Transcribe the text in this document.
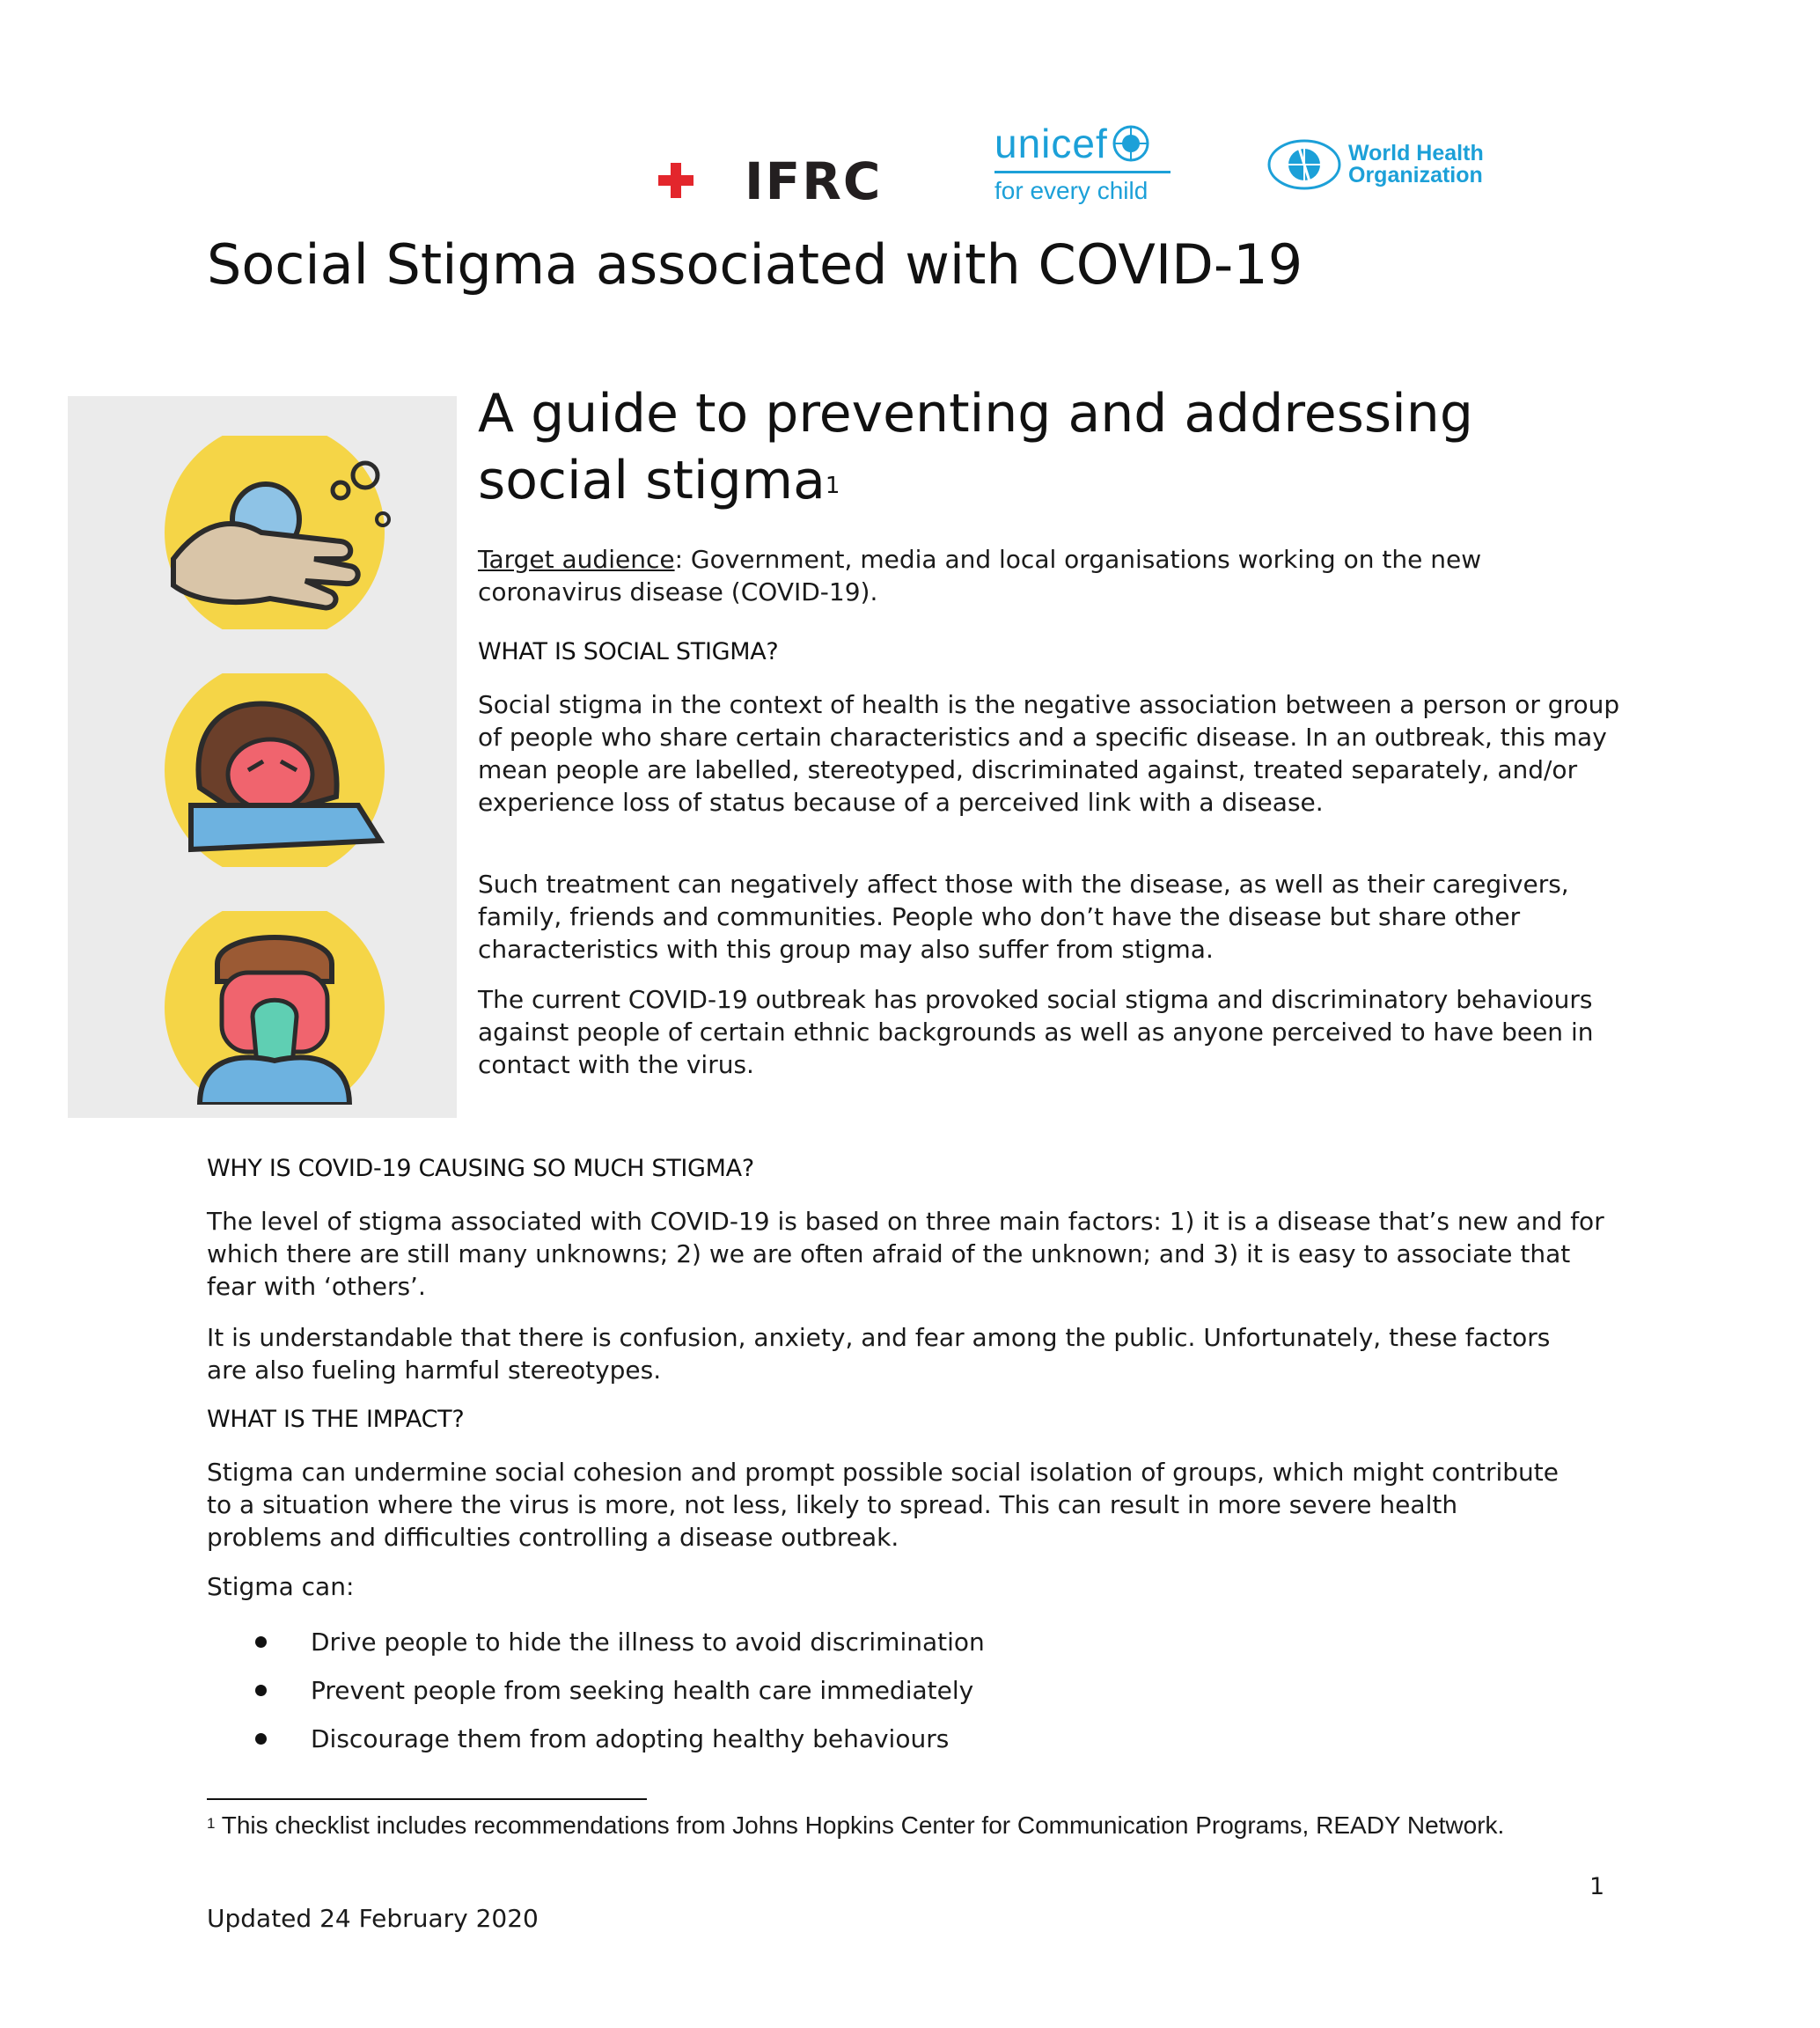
IFRC
unicef
for every child
World Health
Organization
Social Stigma associated with COVID-19
A guide to preventing and addressing social stigma$^1$
Target audience: Government, media and local organisations working on the new coronavirus disease (COVID-19).
WHAT IS SOCIAL STIGMA?
Social stigma in the context of health is the negative association between a person or group of people who share certain characteristics and a specific disease. In an outbreak, this may mean people are labelled, stereotyped, discriminated against, treated separately, and/or experience loss of status because of a perceived link with a disease.
Such treatment can negatively affect those with the disease, as well as their caregivers, family, friends and communities. People who don’t have the disease but share other characteristics with this group may also suffer from stigma.
The current COVID-19 outbreak has provoked social stigma and discriminatory behaviours against people of certain ethnic backgrounds as well as anyone perceived to have been in contact with the virus.
WHY IS COVID-19 CAUSING SO MUCH STIGMA?
The level of stigma associated with COVID-19 is based on three main factors: 1) it is a disease that’s new and for which there are still many unknowns; 2) we are often afraid of the unknown; and 3) it is easy to associate that fear with ‘others’.
It is understandable that there is confusion, anxiety, and fear among the public. Unfortunately, these factors are also fueling harmful stereotypes.
WHAT IS THE IMPACT?
Stigma can undermine social cohesion and prompt possible social isolation of groups, which might contribute to a situation where the virus is more, not less, likely to spread. This can result in more severe health problems and difficulties controlling a disease outbreak.
Stigma can:
Drive people to hide the illness to avoid discrimination
Prevent people from seeking health care immediately
Discourage them from adopting healthy behaviours
$^1$ This checklist includes recommendations from Johns Hopkins Center for Communication Programs, READY Network.
1
Updated 24 February 2020
